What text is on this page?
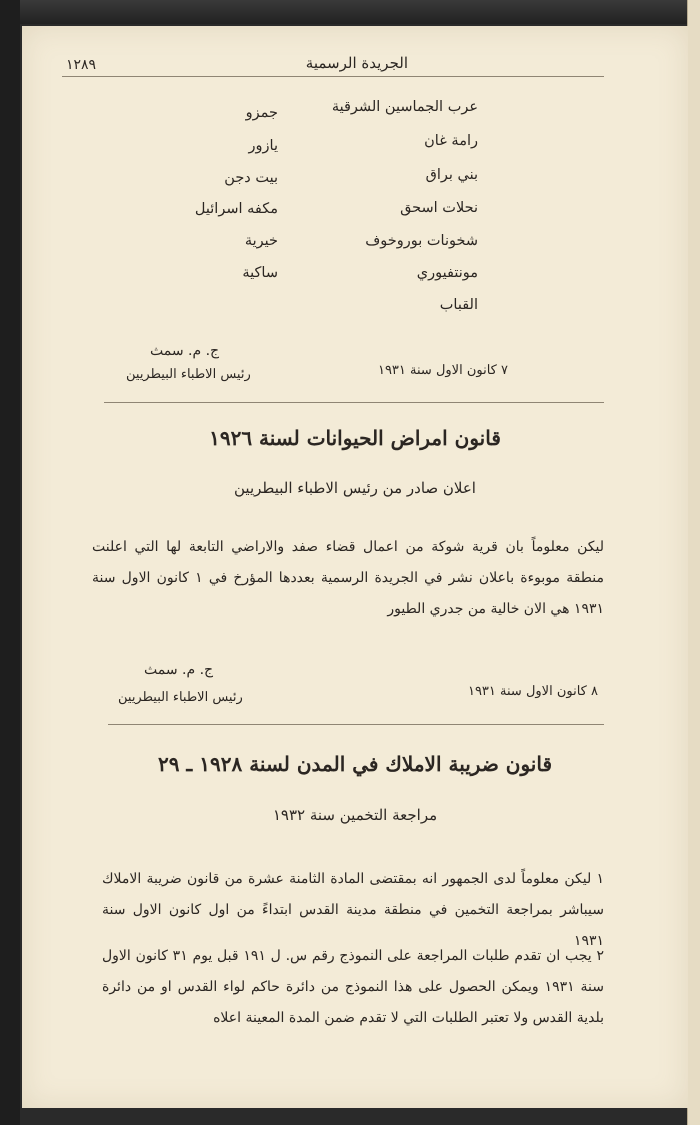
الجريدة الرسمية
١٢٨٩
عرب الجماسين الشرقية
رامة غان
بني براق
نحلات اسحق
شخونات بوروخوف
مونتفيوري
القباب
جمزو
يازور
بيت دجن
مكفه اسرائيل
خيرية
ساكية
ج. م. سمث
رئيس الاطباء البيطريين	٧ كانون الاول سنة ١٩٣١
قانون امراض الحيوانات لسنة ١٩٢٦
اعلان صادر من رئيس الاطباء البيطريين
ليكن معلوماً بان قرية شوكة من اعمال قضاء صفد والاراضي التابعة لها التي اعلنت منطقة موبوءة باعلان نشر في الجريدة الرسمية بعددها المؤرخ في ١ كانون الاول سنة ١٩٣١ هي الان خالية من جدري الطيور
ج. م. سمث
رئيس الاطباء البيطريين	٨ كانون الاول سنة ١٩٣١
قانون ضريبة الاملاك في المدن لسنة ١٩٢٨ ـ ٢٩
مراجعة التخمين سنة ١٩٣٢
١ ليكن معلوماً لدى الجمهور انه بمقتضى المادة الثامنة عشرة من قانون ضريبة الاملاك سيباشر بمراجعة التخمين في منطقة مدينة القدس ابتداءً من اول كانون الاول سنة ١٩٣١
٢ يجب ان تقدم طلبات المراجعة على النموذج رقم س. ل ١٩١ قبل يوم ٣١ كانون الاول سنة ١٩٣١ ويمكن الحصول على هذا النموذج من دائرة حاكم لواء القدس او من دائرة بلدية القدس ولا تعتبر الطلبات التي لا تقدم ضمن المدة المعينة اعلاه
